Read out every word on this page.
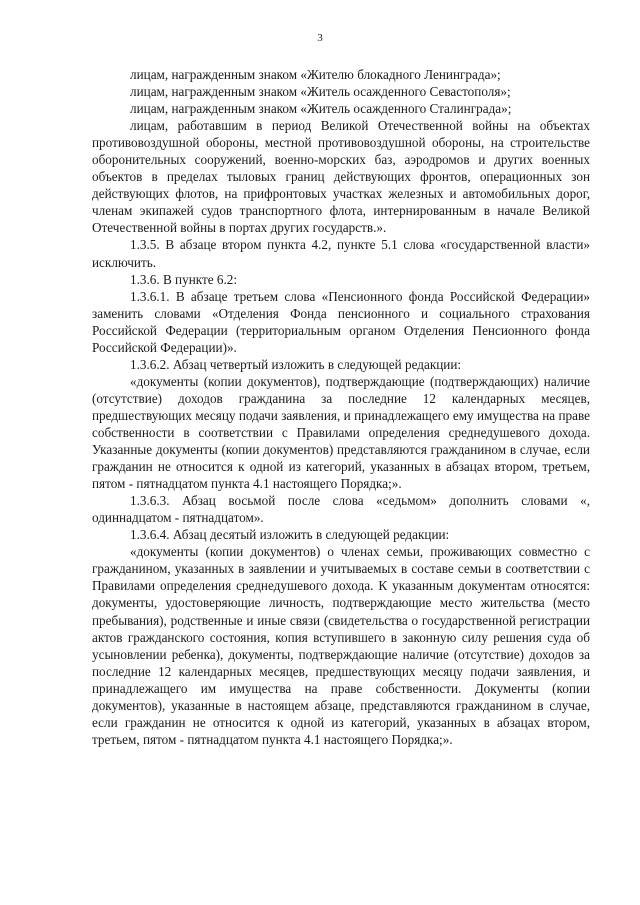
3

лицам, награжденным знаком «Жителю блокадного Ленинграда»;

лицам, награжденным знаком «Житель осажденного Севастополя»;

лицам, награжденным знаком «Житель осажденного Сталинграда»;

лицам, работавшим в период Великой Отечественной войны на объектах противовоздушной обороны, местной противовоздушной обороны, на строительстве оборонительных сооружений, военно-морских баз, аэродромов и других военных объектов в пределах тыловых границ действующих фронтов, операционных зон действующих флотов, на прифронтовых участках железных и автомобильных дорог, членам экипажей судов транспортного флота, интернированным в начале Великой Отечественной войны в портах других государств.».

1.3.5. В абзаце втором пункта 4.2, пункте 5.1 слова «государственной власти» исключить.

1.3.6. В пункте 6.2:

1.3.6.1. В абзаце третьем слова «Пенсионного фонда Российской Федерации» заменить словами «Отделения Фонда пенсионного и социального страхования Российской Федерации (территориальным органом Отделения Пенсионного фонда Российской Федерации)».

1.3.6.2. Абзац четвертый изложить в следующей редакции:

«документы (копии документов), подтверждающие (подтверждающих) наличие (отсутствие) доходов гражданина за последние 12 календарных месяцев, предшествующих месяцу подачи заявления, и принадлежащего ему имущества на праве собственности в соответствии с Правилами определения среднедушевого дохода. Указанные документы (копии документов) представляются гражданином в случае, если гражданин не относится к одной из категорий, указанных в абзацах втором, третьем, пятом - пятнадцатом пункта 4.1 настоящего Порядка;».

1.3.6.3. Абзац восьмой после слова «седьмом» дополнить словами «, одиннадцатом - пятнадцатом».

1.3.6.4. Абзац десятый изложить в следующей редакции:

«документы (копии документов) о членах семьи, проживающих совместно с гражданином, указанных в заявлении и учитываемых в составе семьи в соответствии с Правилами определения среднедушевого дохода. К указанным документам относятся: документы, удостоверяющие личность, подтверждающие место жительства (место пребывания), родственные и иные связи (свидетельства о государственной регистрации актов гражданского состояния, копия вступившего в законную силу решения суда об усыновлении ребенка), документы, подтверждающие наличие (отсутствие) доходов за последние 12 календарных месяцев, предшествующих месяцу подачи заявления, и принадлежащего им имущества на праве собственности. Документы (копии документов), указанные в настоящем абзаце, представляются гражданином в случае, если гражданин не относится к одной из категорий, указанных в абзацах втором, третьем, пятом - пятнадцатом пункта 4.1 настоящего Порядка;».
